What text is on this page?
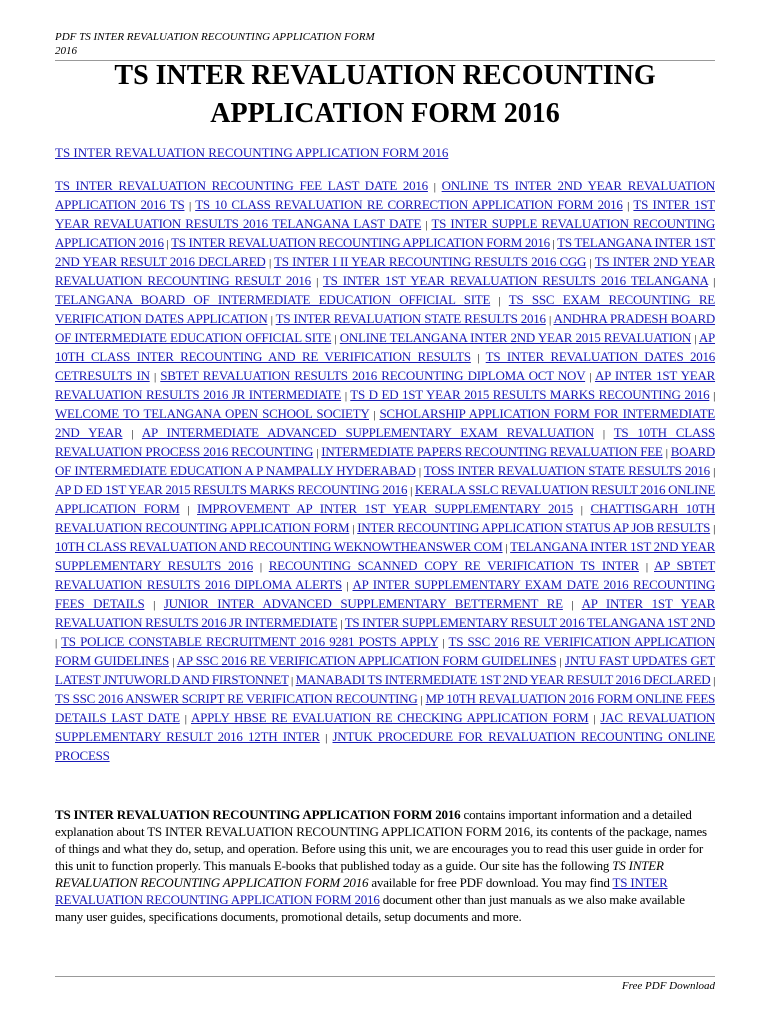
PDF TS INTER REVALUATION RECOUNTING APPLICATION FORM 2016
TS INTER REVALUATION RECOUNTING APPLICATION FORM 2016
TS INTER REVALUATION RECOUNTING APPLICATION FORM 2016

TS INTER REVALUATION RECOUNTING FEE LAST DATE 2016 | ONLINE TS INTER 2ND YEAR REVALUATION APPLICATION 2016 TS | TS 10 CLASS REVALUATION RE CORRECTION APPLICATION FORM 2016 | TS INTER 1ST YEAR REVALUATION RESULTS 2016 TELANGANA LAST DATE | TS INTER SUPPLE REVALUATION RECOUNTING APPLICATION 2016 | TS INTER REVALUATION RECOUNTING APPLICATION FORM 2016 | TS TELANGANA INTER 1ST 2ND YEAR RESULT 2016 DECLARED | TS INTER I II YEAR RECOUNTING RESULTS 2016 CGG | TS INTER 2ND YEAR REVALUATION RECOUNTING RESULT 2016 | TS INTER 1ST YEAR REVALUATION RESULTS 2016 TELANGANA | TELANGANA BOARD OF INTERMEDIATE EDUCATION OFFICIAL SITE | TS SSC EXAM RECOUNTING RE VERIFICATION DATES APPLICATION | TS INTER REVALUATION STATE RESULTS 2016 | ANDHRA PRADESH BOARD OF INTERMEDIATE EDUCATION OFFICIAL SITE | ONLINE TELANGANA INTER 2ND YEAR 2015 REVALUATION | AP 10TH CLASS INTER RECOUNTING AND RE VERIFICATION RESULTS | TS INTER REVALUATION DATES 2016 CETRESULTS IN | SBTET REVALUATION RESULTS 2016 RECOUNTING DIPLOMA OCT NOV | AP INTER 1ST YEAR REVALUATION RESULTS 2016 JR INTERMEDIATE | TS D ED 1ST YEAR 2015 RESULTS MARKS RECOUNTING 2016 | WELCOME TO TELANGANA OPEN SCHOOL SOCIETY | SCHOLARSHIP APPLICATION FORM FOR INTERMEDIATE 2ND YEAR | AP INTERMEDIATE ADVANCED SUPPLEMENTARY EXAM REVALUATION | TS 10TH CLASS REVALUATION PROCESS 2016 RECOUNTING | INTERMEDIATE PAPERS RECOUNTING REVALUATION FEE | BOARD OF INTERMEDIATE EDUCATION A P NAMPALLY HYDERABAD | TOSS INTER REVALUATION STATE RESULTS 2016 | AP D ED 1ST YEAR 2015 RESULTS MARKS RECOUNTING 2016 | KERALA SSLC REVALUATION RESULT 2016 ONLINE APPLICATION FORM | IMPROVEMENT AP INTER 1ST YEAR SUPPLEMENTARY 2015 | CHATTISGARH 10TH REVALUATION RECOUNTING APPLICATION FORM | INTER RECOUNTING APPLICATION STATUS AP JOB RESULTS | 10TH CLASS REVALUATION AND RECOUNTING WEKNOWTHEANSWER COM | TELANGANA INTER 1ST 2ND YEAR SUPPLEMENTARY RESULTS 2016 | RECOUNTING SCANNED COPY RE VERIFICATION TS INTER | AP SBTET REVALUATION RESULTS 2016 DIPLOMA ALERTS | AP INTER SUPPLEMENTARY EXAM DATE 2016 RECOUNTING FEES DETAILS | JUNIOR INTER ADVANCED SUPPLEMENTARY BETTERMENT RE | AP INTER 1ST YEAR REVALUATION RESULTS 2016 JR INTERMEDIATE | TS INTER SUPPLEMENTARY RESULT 2016 TELANGANA 1ST 2ND | TS POLICE CONSTABLE RECRUITMENT 2016 9281 POSTS APPLY | TS SSC 2016 RE VERIFICATION APPLICATION FORM GUIDELINES | AP SSC 2016 RE VERIFICATION APPLICATION FORM GUIDELINES | JNTU FAST UPDATES GET LATEST JNTUWORLD AND FIRSTONNET | MANABADI TS INTERMEDIATE 1ST 2ND YEAR RESULT 2016 DECLARED | TS SSC 2016 ANSWER SCRIPT RE VERIFICATION RECOUNTING | MP 10TH REVALUATION 2016 FORM ONLINE FEES DETAILS LAST DATE | APPLY HBSE RE EVALUATION RE CHECKING APPLICATION FORM | JAC REVALUATION SUPPLEMENTARY RESULT 2016 12TH INTER | JNTUK PROCEDURE FOR REVALUATION RECOUNTING ONLINE PROCESS

TS INTER REVALUATION RECOUNTING APPLICATION FORM 2016 contains important information and a detailed explanation about TS INTER REVALUATION RECOUNTING APPLICATION FORM 2016, its contents of the package, names of things and what they do, setup, and operation. Before using this unit, we are encourages you to read this user guide in order for this unit to function properly. This manuals E-books that published today as a guide. Our site has the following TS INTER REVALUATION RECOUNTING APPLICATION FORM 2016 available for free PDF download. You may find TS INTER REVALUATION RECOUNTING APPLICATION FORM 2016 document other than just manuals as we also make available many user guides, specifications documents, promotional details, setup documents and more.

Free PDF Download
